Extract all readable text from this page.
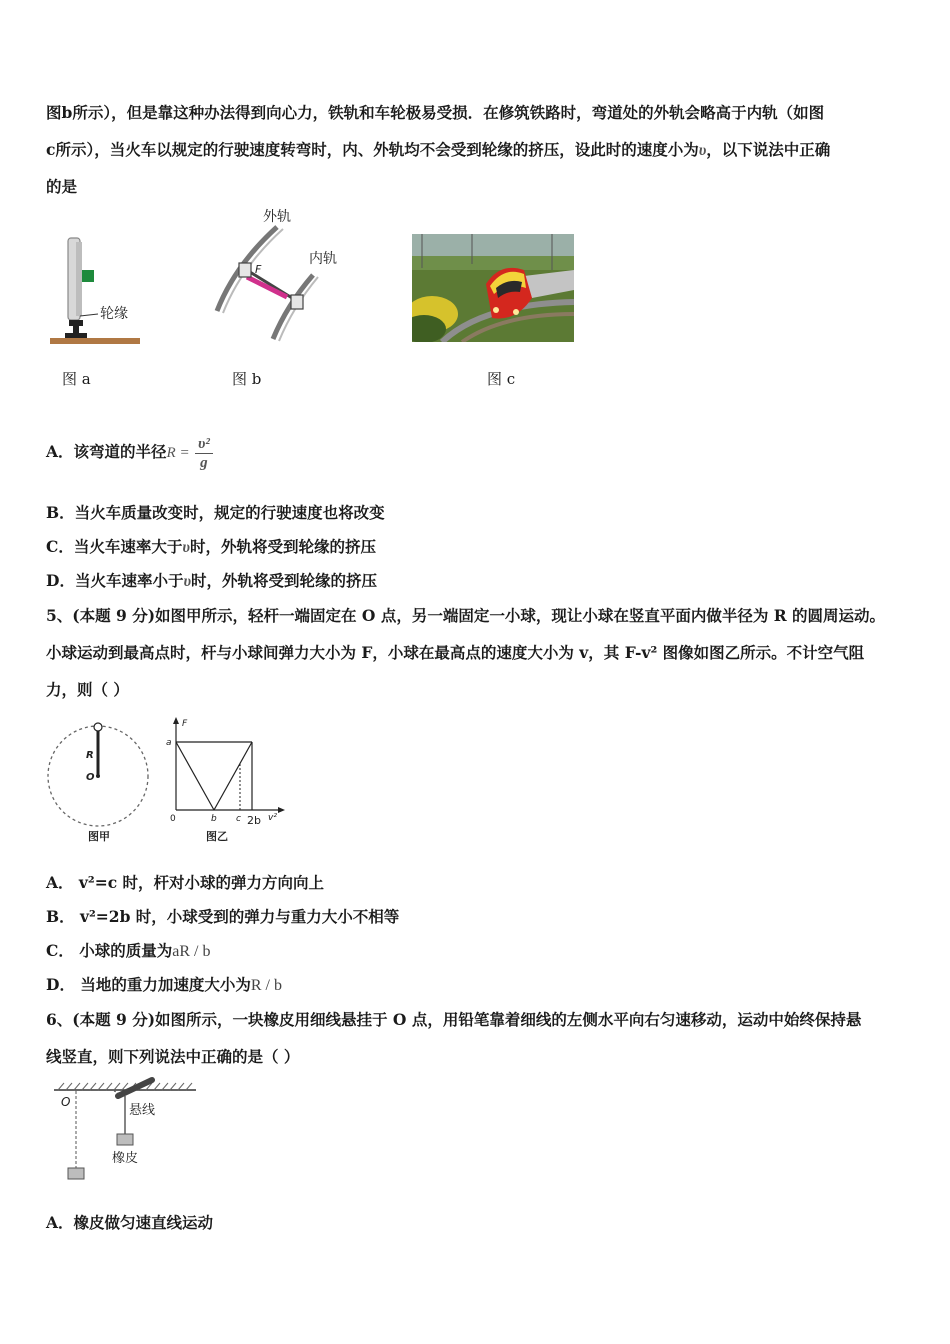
图b所示），但是靠这种办法得到向心力，铁轨和车轮极易受损．在修筑铁路时，弯道处的外轨会略高于内轨（如图
c所示），当火车以规定的行驶速度转弯时，内、外轨均不会受到轮缘的挤压，设此时的速度小为υ，以下说法中正确
的是
轮缘
图 a
外轨
内轨
F
图 b	图 c
A．该弯道的半径$R = \frac{\text{υ²}}{g}$
B．当火车质量改变时，规定的行驶速度也将改变
C．当火车速率大于υ时，外轨将受到轮缘的挤压
D．当火车速率小于υ时，外轨将受到轮缘的挤压
5、(本题 9 分)如图甲所示，轻杆一端固定在 O 点，另一端固定一小球，现让小球在竖直平面内做半径为 R 的圆周运动。
小球运动到最高点时，杆与小球间弹力大小为 F，小球在最高点的速度大小为 v，其 F-v² 图像如图乙所示。不计空气阻
力，则（ ）
R
O
图甲
F
a
0	b c 2b v²
图乙
A． v²=c 时，杆对小球的弹力方向向上
B． v²=2b 时，小球受到的弹力与重力大小不相等
C． 小球的质量为aR / b
D． 当地的重力加速度大小为R / b
6、(本题 9 分)如图所示，一块橡皮用细线悬挂于 O 点，用铅笔靠着细线的左侧水平向右匀速移动，运动中始终保持悬
线竖直，则下列说法中正确的是（ ）
O
悬线
橡皮
A．橡皮做匀速直线运动
